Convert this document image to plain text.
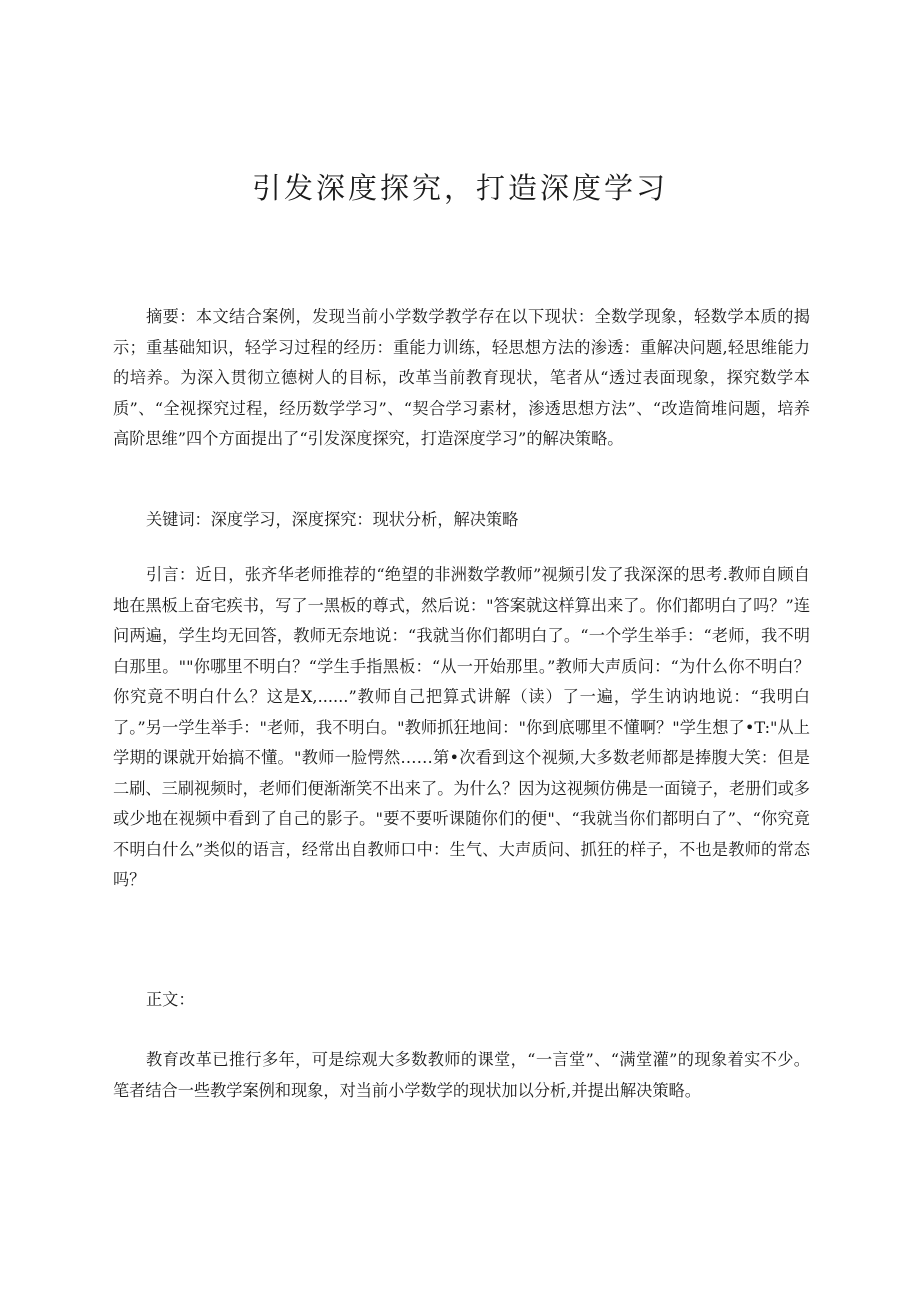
引发深度探究，打造深度学习

摘要：本文结合案例，发现当前小学数学教学存在以下现状：全数学现象，轻数学本质的揭示；重基础知识，轻学习过程的经历：重能力训练，轻思想方法的渗透：重解决问题,轻思维能力的培养。为深入贯彻立德树人的目标，改革当前教育现状，笔者从“透过表面现象，探究数学本质”、“全视探究过程，经历数学学习”、“契合学习素材，渗透思想方法”、“改造简堆问题，培养高阶思维”四个方面提出了“引发深度探究，打造深度学习”的解决策略。

关键词：深度学习，深度探究：现状分析，解决策略

引言：近日，张齐华老师推荐的“绝望的非洲数学教师”视频引发了我深深的思考.教师自顾自地在黑板上奋宅疾书，写了一黑板的尊式，然后说："答案就这样算出来了。你们都明白了吗？”连问两遍，学生均无回答，教师无奈地说：“我就当你们都明白了。“一个学生举手：“老师，我不明白那里。""你哪里不明白？“学生手指黑板：“从一开始那里。”教师大声质问：“为什么你不明白？你究竟不明白什么？这是X,......”教师自己把算式讲解（读）了一遍，学生讷讷地说：“我明白了。”另一学生举手："老师，我不明白。"教师抓狂地间："你到底哪里不懂啊？"学生想了•T:"从上学期的课就开始搞不懂。"教师一脸愕然……第•次看到这个视频,大多数老师都是捧腹大笑：但是二刷、三刷视频时，老师们便渐渐笑不出来了。为什么？因为这视频仿佛是一面镜子，老册们或多或少地在视频中看到了自己的影子。"要不要听课随你们的便"、“我就当你们都明白了”、“你究竟不明白什么”类似的语言，经常出自教师口中：生气、大声质问、抓狂的样子，不也是教师的常态吗？

正文：

教育改革已推行多年，可是综观大多数教师的课堂，“一言堂”、“满堂灌”的现象着实不少。笔者结合一些教学案例和现象，对当前小学数学的现状加以分析,并提出解决策略。
